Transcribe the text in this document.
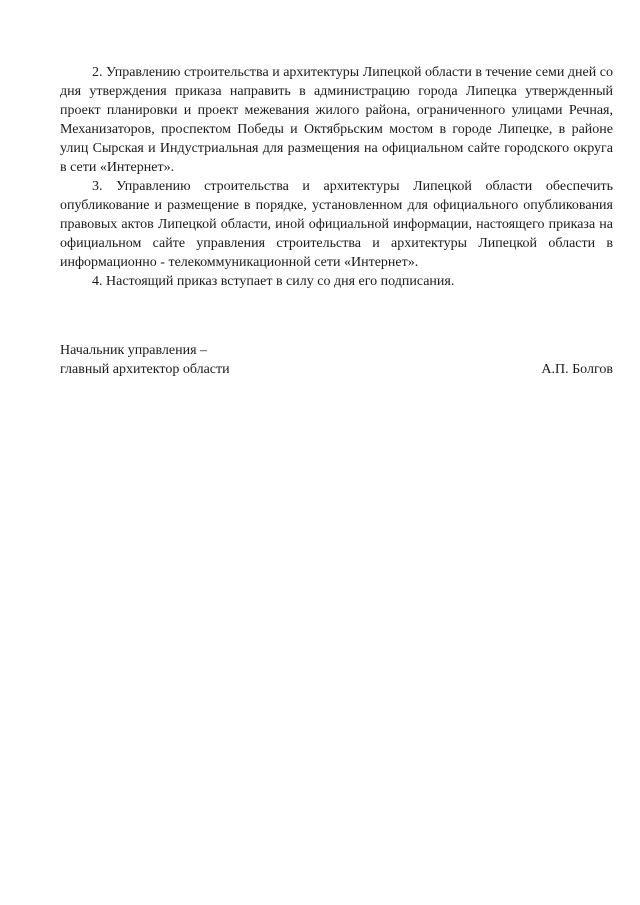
2. Управлению строительства и архитектуры Липецкой области в течение семи дней со дня утверждения приказа направить в администрацию города Липецка утвержденный проект планировки и проект межевания жилого района, ограниченного улицами Речная, Механизаторов, проспектом Победы и Октябрьским мостом в городе Липецке, в районе улиц Сырская и Индустриальная для размещения на официальном сайте городского округа в сети «Интернет».

3. Управлению строительства и архитектуры Липецкой области обеспечить опубликование и размещение в порядке, установленном для официального опубликования правовых актов Липецкой области, иной официальной информации, настоящего приказа на официальном сайте управления строительства и архитектуры Липецкой области в информационно - телекоммуникационной сети «Интернет».

4. Настоящий приказ вступает в силу со дня его подписания.

Начальник управления –
главный архитектор области	А.П. Болгов
